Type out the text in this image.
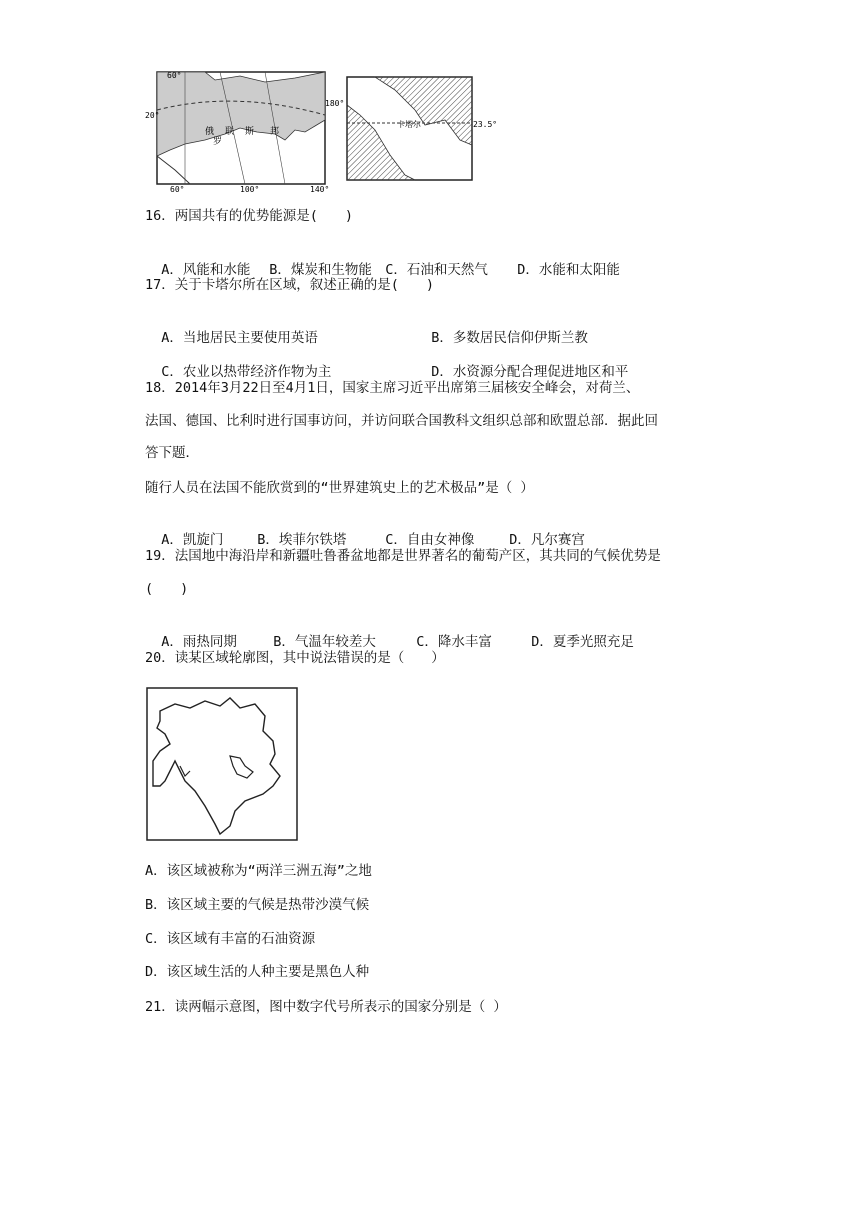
60°
20°
180°
60°	100°	140°
俄
罗
斯
联	邦
卡塔尔	23.5°
16．两国共有的优势能源是(　　)

A．风能和水能 B．煤炭和生物能 C．石油和天然气 D．水能和太阳能

17．关于卡塔尔所在区域，叙述正确的是(　　)

A．当地居民主要使用英语	B．多数居民信仰伊斯兰教

C．农业以热带经济作物为主	D．水资源分配合理促进地区和平

18．2014年3月22日至4月1日，国家主席习近平出席第三届核安全峰会，对荷兰、
法国、德国、比利时进行国事访问，并访问联合国教科文组织总部和欧盟总部．据此回
答下题．
随行人员在法国不能欣赏到的“世界建筑史上的艺术极品”是（ ）

A．凯旋门	B．埃菲尔铁塔	C．自由女神像	D．凡尔赛宫

19．法国地中海沿岸和新疆吐鲁番盆地都是世界著名的葡萄产区，其共同的气候优势是
(　　)

A．雨热同期	B．气温年较差大	C．降水丰富	D．夏季光照充足

20．读某区域轮廓图，其中说法错误的是（　　）
A．该区域被称为“两洋三洲五海”之地
B．该区域主要的气候是热带沙漠气候
C．该区域有丰富的石油资源
D．该区域生活的人种主要是黑色人种
21．读两幅示意图，图中数字代号所表示的国家分别是（ ）
